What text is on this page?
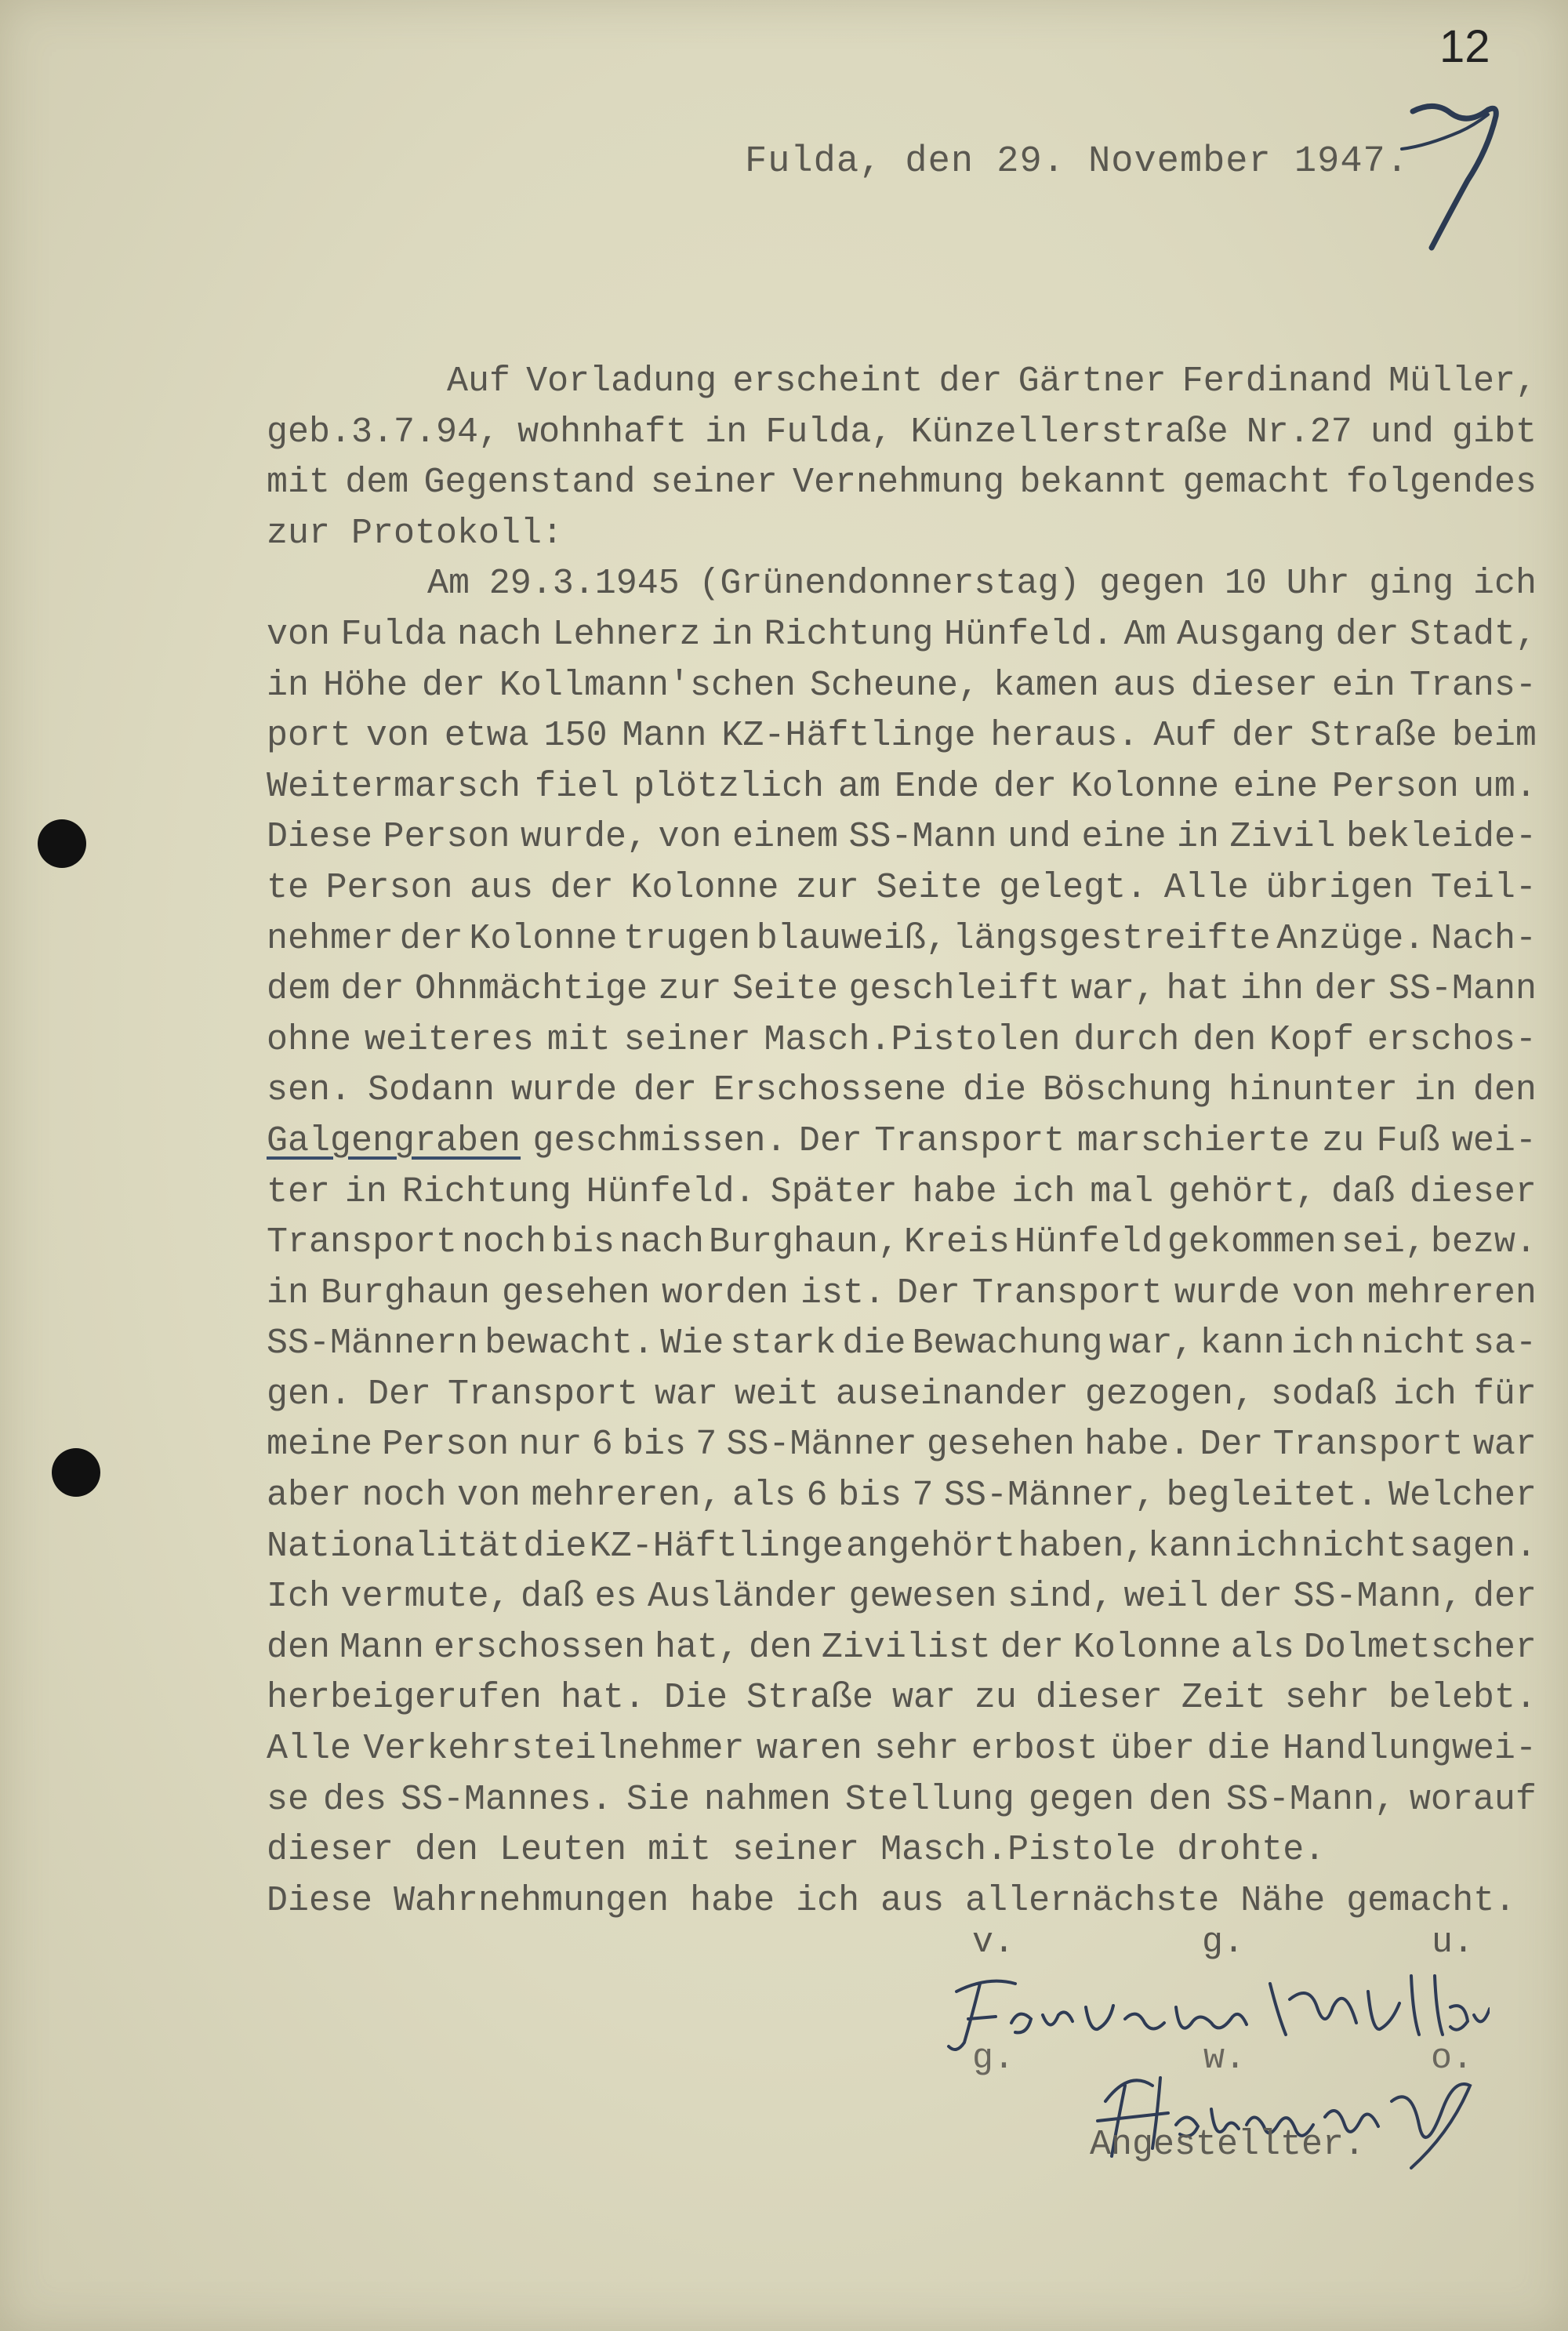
12
Fulda, den 29. November 1947.
Auf Vorladung erscheint der Gärtner Ferdinand Müller,
geb.3.7.94, wohnhaft in Fulda, Künzellerstraße Nr.27 und gibt
mit dem Gegenstand seiner Vernehmung bekannt gemacht folgendes
zur Protokoll:
Am 29.3.1945 (Grünendonnerstag) gegen 10 Uhr ging ich
von Fulda nach Lehnerz in Richtung Hünfeld. Am Ausgang der Stadt,
in Höhe der Kollmann'schen Scheune, kamen aus dieser ein Trans-
port von etwa 150 Mann KZ-Häftlinge heraus. Auf der Straße beim
Weitermarsch fiel plötzlich am Ende der Kolonne eine Person um.
Diese Person wurde, von einem SS-Mann und eine in Zivil bekleide-
te Person aus der Kolonne zur Seite gelegt. Alle übrigen Teil-
nehmer der Kolonne trugen blauweiß, längsgestreifte Anzüge. Nach-
dem der Ohnmächtige zur Seite geschleift war, hat ihn der SS-Mann
ohne weiteres mit seiner Masch.Pistolen durch den Kopf erschos-
sen. Sodann wurde der Erschossene die Böschung hinunter in den
Galgengraben geschmissen. Der Transport marschierte zu Fuß wei-
ter in Richtung Hünfeld. Später habe ich mal gehört, daß dieser
Transport noch bis nach Burghaun, Kreis Hünfeld gekommen sei, bezw.
in Burghaun gesehen worden ist. Der Transport wurde von mehreren
SS-Männern bewacht. Wie stark die Bewachung war, kann ich nicht sa-
gen. Der Transport war weit auseinander gezogen, sodaß ich für
meine Person nur 6 bis 7 SS-Männer gesehen habe. Der Transport war
aber noch von mehreren, als 6 bis 7 SS-Männer, begleitet. Welcher
Nationalität die KZ-Häftlinge angehört haben, kann ich nicht sagen.
Ich vermute, daß es Ausländer gewesen sind, weil der SS-Mann, der
den Mann erschossen hat, den Zivilist der Kolonne als Dolmetscher
herbeigerufen hat. Die Straße war zu dieser Zeit sehr belebt.
Alle Verkehrsteilnehmer waren sehr erbost über die Handlungwei-
se des SS-Mannes. Sie nahmen Stellung gegen den SS-Mann, worauf
dieser den Leuten mit seiner Masch.Pistole drohte.
Diese Wahrnehmungen habe ich aus allernächste Nähe gemacht.
v.	g.	u.
g.	w.	o.
Angestellter.
